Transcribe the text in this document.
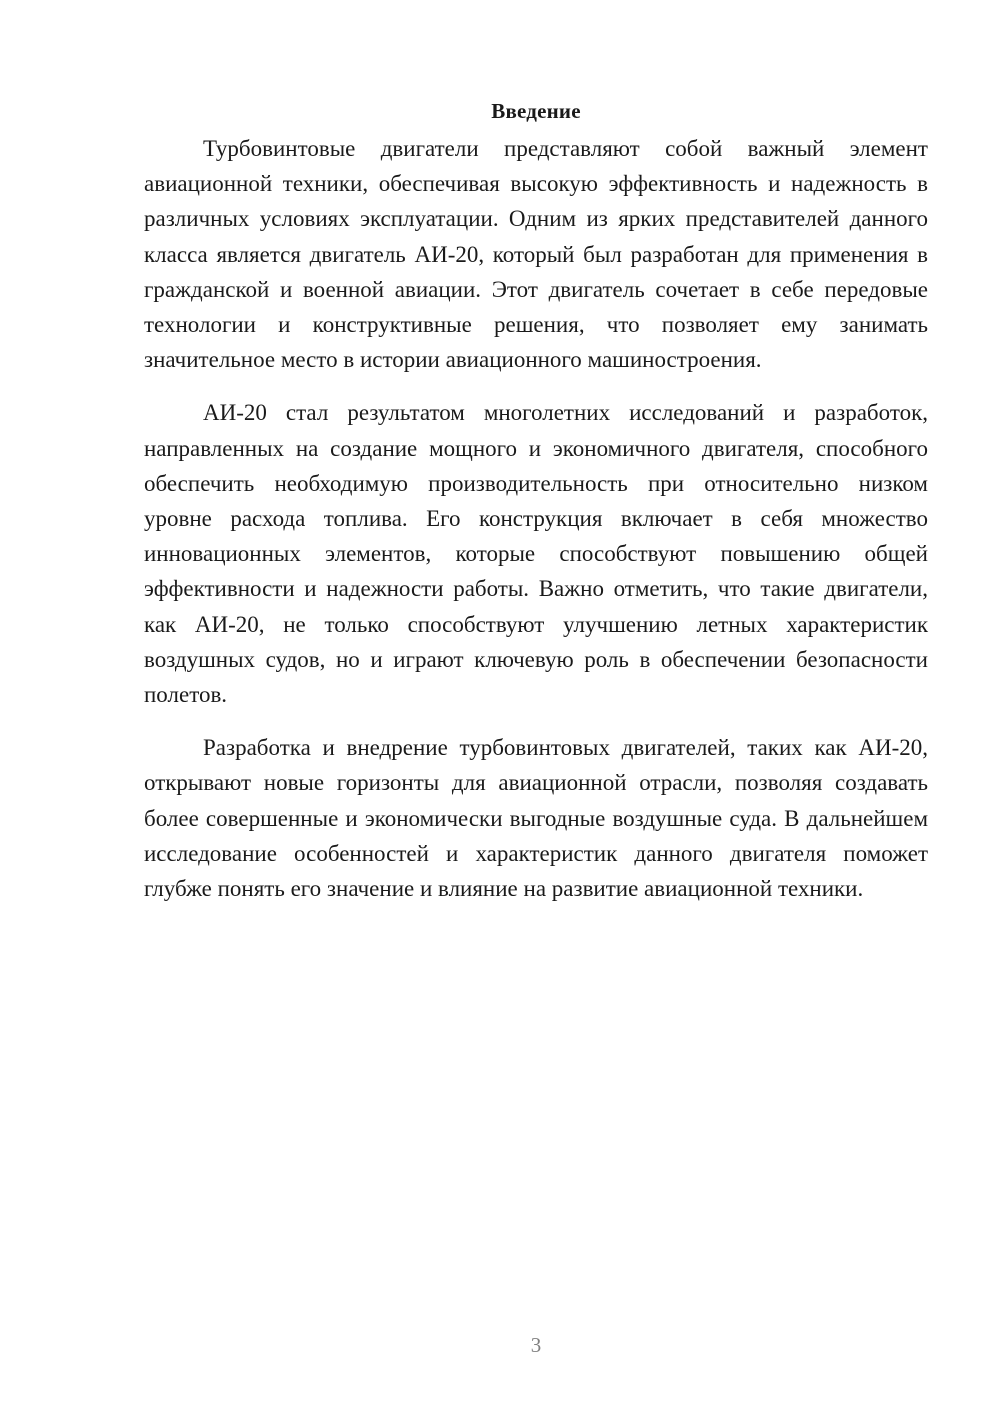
Введение

Турбовинтовые двигатели представляют собой важный элемент авиационной техники, обеспечивая высокую эффективность и надежность в различных условиях эксплуатации. Одним из ярких представителей данного класса является двигатель АИ-20, который был разработан для применения в гражданской и военной авиации. Этот двигатель сочетает в себе передовые технологии и конструктивные решения, что позволяет ему занимать значительное место в истории авиационного машиностроения.

АИ-20 стал результатом многолетних исследований и разработок, направленных на создание мощного и экономичного двигателя, способного обеспечить необходимую производительность при относительно низком уровне расхода топлива. Его конструкция включает в себя множество инновационных элементов, которые способствуют повышению общей эффективности и надежности работы. Важно отметить, что такие двигатели, как АИ-20, не только способствуют улучшению летных характеристик воздушных судов, но и играют ключевую роль в обеспечении безопасности полетов.

Разработка и внедрение турбовинтовых двигателей, таких как АИ-20, открывают новые горизонты для авиационной отрасли, позволяя создавать более совершенные и экономически выгодные воздушные суда. В дальнейшем исследование особенностей и характеристик данного двигателя поможет глубже понять его значение и влияние на развитие авиационной техники.

3
